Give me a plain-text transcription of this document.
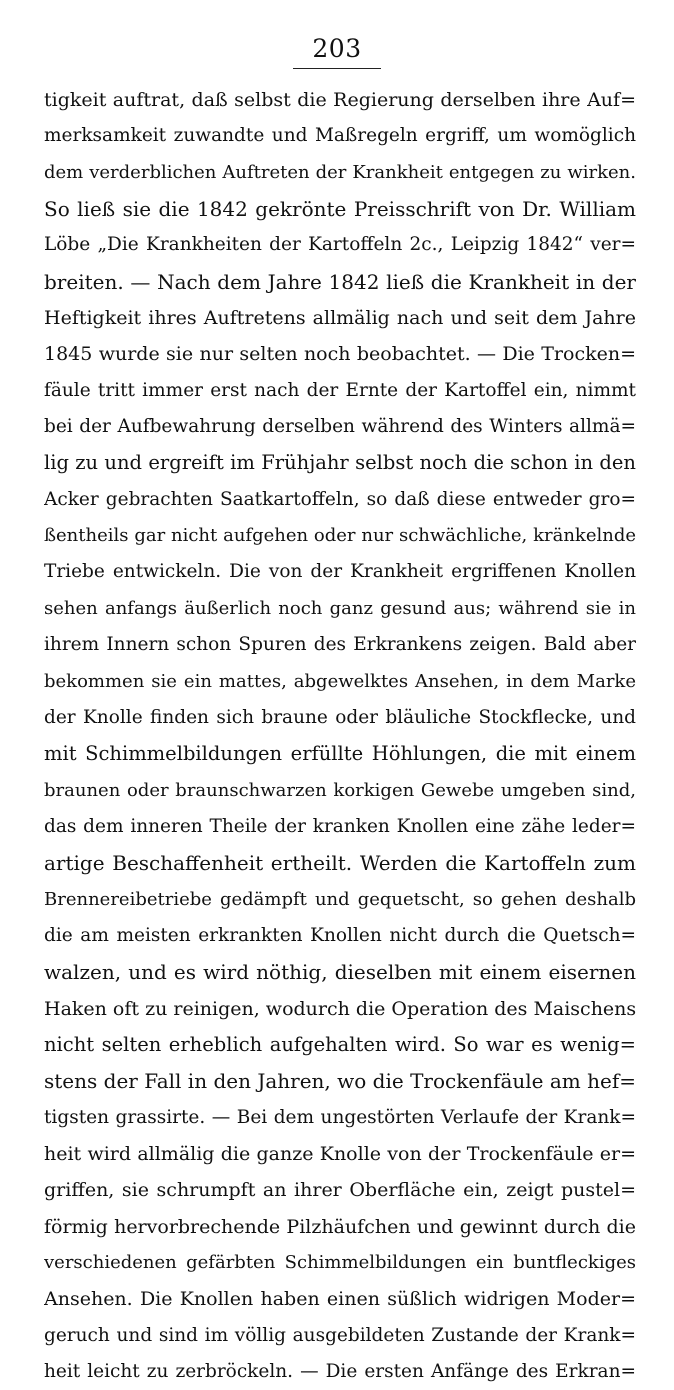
203
tigkeit auftrat, daß selbst die Regierung derselben ihre Auf=
merksamkeit zuwandte und Maßregeln ergriff, um womöglich
dem verderblichen Auftreten der Krankheit entgegen zu wirken.
So ließ sie die 1842 gekrönte Preisschrift von Dr. William
Löbe „Die Krankheiten der Kartoffeln 2c., Leipzig 1842“ ver=
breiten. — Nach dem Jahre 1842 ließ die Krankheit in der
Heftigkeit ihres Auftretens allmälig nach und seit dem Jahre
1845 wurde sie nur selten noch beobachtet. — Die Trocken=
fäule tritt immer erst nach der Ernte der Kartoffel ein, nimmt
bei der Aufbewahrung derselben während des Winters allmä=
lig zu und ergreift im Frühjahr selbst noch die schon in den
Acker gebrachten Saatkartoffeln, so daß diese entweder gro=
ßentheils gar nicht aufgehen oder nur schwächliche, kränkelnde
Triebe entwickeln. Die von der Krankheit ergriffenen Knollen
sehen anfangs äußerlich noch ganz gesund aus; während sie in
ihrem Innern schon Spuren des Erkrankens zeigen. Bald aber
bekommen sie ein mattes, abgewelktes Ansehen, in dem Marke
der Knolle finden sich braune oder bläuliche Stockflecke, und
mit Schimmelbildungen erfüllte Höhlungen, die mit einem
braunen oder braunschwarzen korkigen Gewebe umgeben sind,
das dem inneren Theile der kranken Knollen eine zähe leder=
artige Beschaffenheit ertheilt. Werden die Kartoffeln zum
Brennereibetriebe gedämpft und gequetscht, so gehen deshalb
die am meisten erkrankten Knollen nicht durch die Quetsch=
walzen, und es wird nöthig, dieselben mit einem eisernen
Haken oft zu reinigen, wodurch die Operation des Maischens
nicht selten erheblich aufgehalten wird. So war es wenig=
stens der Fall in den Jahren, wo die Trockenfäule am hef=
tigsten grassirte. — Bei dem ungestörten Verlaufe der Krank=
heit wird allmälig die ganze Knolle von der Trockenfäule er=
griffen, sie schrumpft an ihrer Oberfläche ein, zeigt pustel=
förmig hervorbrechende Pilzhäufchen und gewinnt durch die
verschiedenen gefärbten Schimmelbildungen ein buntfleckiges
Ansehen. Die Knollen haben einen süßlich widrigen Moder=
geruch und sind im völlig ausgebildeten Zustande der Krank=
heit leicht zu zerbröckeln. — Die ersten Anfänge des Erkran=
